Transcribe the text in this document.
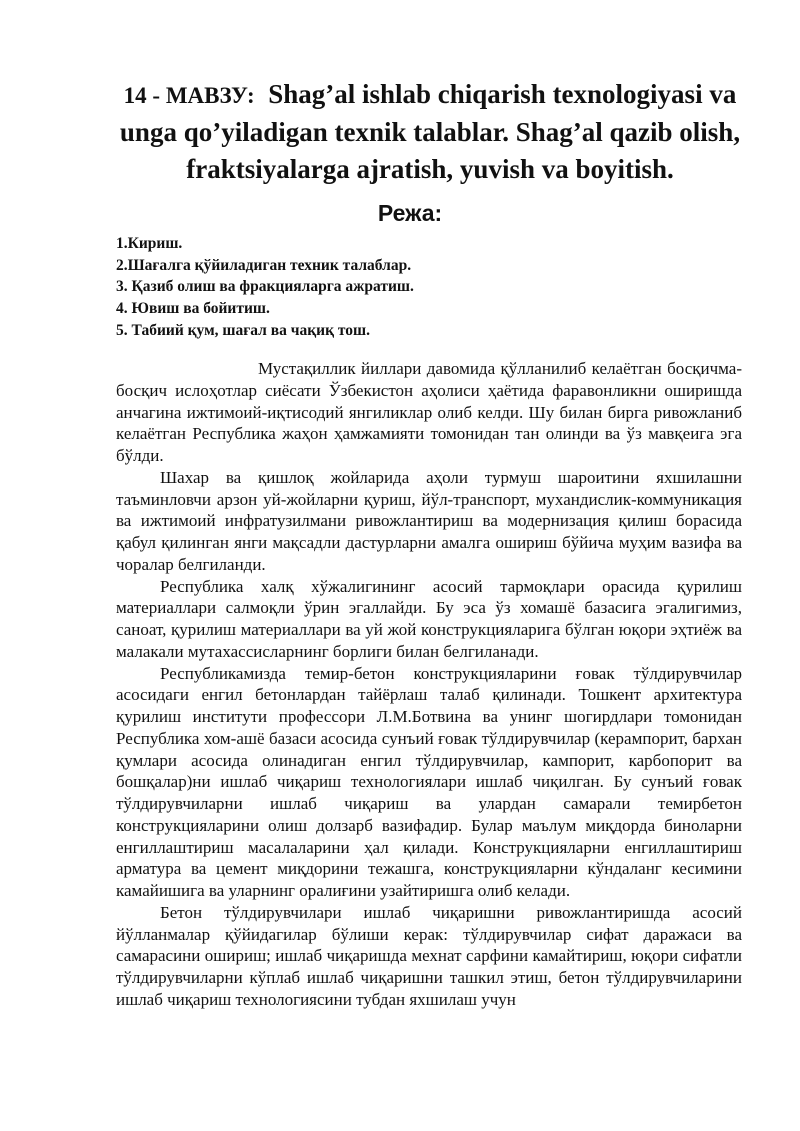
14 - МАВЗУ: Shag’al ishlab chiqarish texnologiyasi va unga qo’yiladigan texnik talablar. Shag’al qazib olish, fraktsiyalarga ajratish, yuvish va boyitish.
Режа:
1.Кириш.
2.Шағалга қўйиладиган техник талаблар.
3. Қазиб олиш ва фракцияларга ажратиш.
4. Ювиш ва бойитиш.
5. Табиий қум, шағал ва чақиқ тош.

Мустақиллик йиллари давомида қўлланилиб келаётган босқичма-босқич ислоҳотлар сиёсати Ўзбекистон аҳолиси ҳаётида фаравонликни оширишда анчагина ижтимоий-иқтисодий янгиликлар олиб келди. Шу билан бирга ривожланиб келаётган Республика жаҳон ҳамжамияти томонидан тан олинди ва ўз мавқеига эга бўлди.

Шахар ва қишлоқ жойларида аҳоли турмуш шароитини яхшилашни таъминловчи арзон уй-жойларни қуриш, йўл-транспорт, мухандислик-коммуникация ва ижтимоий инфратузилмани ривожлантириш ва модернизация қилиш борасида қабул қилинган янги мақсадли дастурларни амалга ошириш бўйича муҳим вазифа ва чоралар белгиланди.

Республика халқ хўжалигининг асосий тармоқлари орасида қурилиш материаллари салмоқли ўрин эгаллайди. Бу эса ўз хомашё базасига эгалигимиз, саноат, қурилиш материаллари ва уй жой конструкцияларига бўлган юқори эҳтиёж ва малакали мутахассисларнинг борлиги билан белгиланади.

Республикамизда темир-бетон конструкцияларини ғовак тўлдирувчилар асосидаги енгил бетонлардан тайёрлаш талаб қилинади. Тошкент архитектура қурилиш институти профессори Л.М.Ботвина ва унинг шогирдлари томонидан Республика хом-ашё базаси асосида сунъий ғовак тўлдирувчилар (керампорит, бархан қумлари асосида олинадиган енгил тўлдирувчилар, кампорит, карбопорит ва бошқалар)ни ишлаб чиқариш технологиялари ишлаб чиқилган. Бу сунъий ғовак тўлдирувчиларни ишлаб чиқариш ва улардан самарали темирбетон конструкцияларини олиш долзарб вазифадир. Булар маълум миқдорда биноларни енгиллаштириш масалаларини ҳал қилади. Конструкцияларни енгиллаштириш арматура ва цемент миқдорини тежашга, конструкцияларни кўндаланг кесимини камайишига ва уларнинг оралиғини узайтиришга олиб келади.

Бетон тўлдирувчилари ишлаб чиқаришни ривожлантиришда асосий йўлланмалар қўйидагилар бўлиши керак: тўлдирувчилар сифат даражаси ва самарасини ошириш; ишлаб чиқаришда мехнат сарфини камайтириш, юқори сифатли тўлдирувчиларни кўплаб ишлаб чиқаришни ташкил этиш, бетон тўлдирувчиларини ишлаб чиқариш технологиясини тубдан яхшилаш учун
